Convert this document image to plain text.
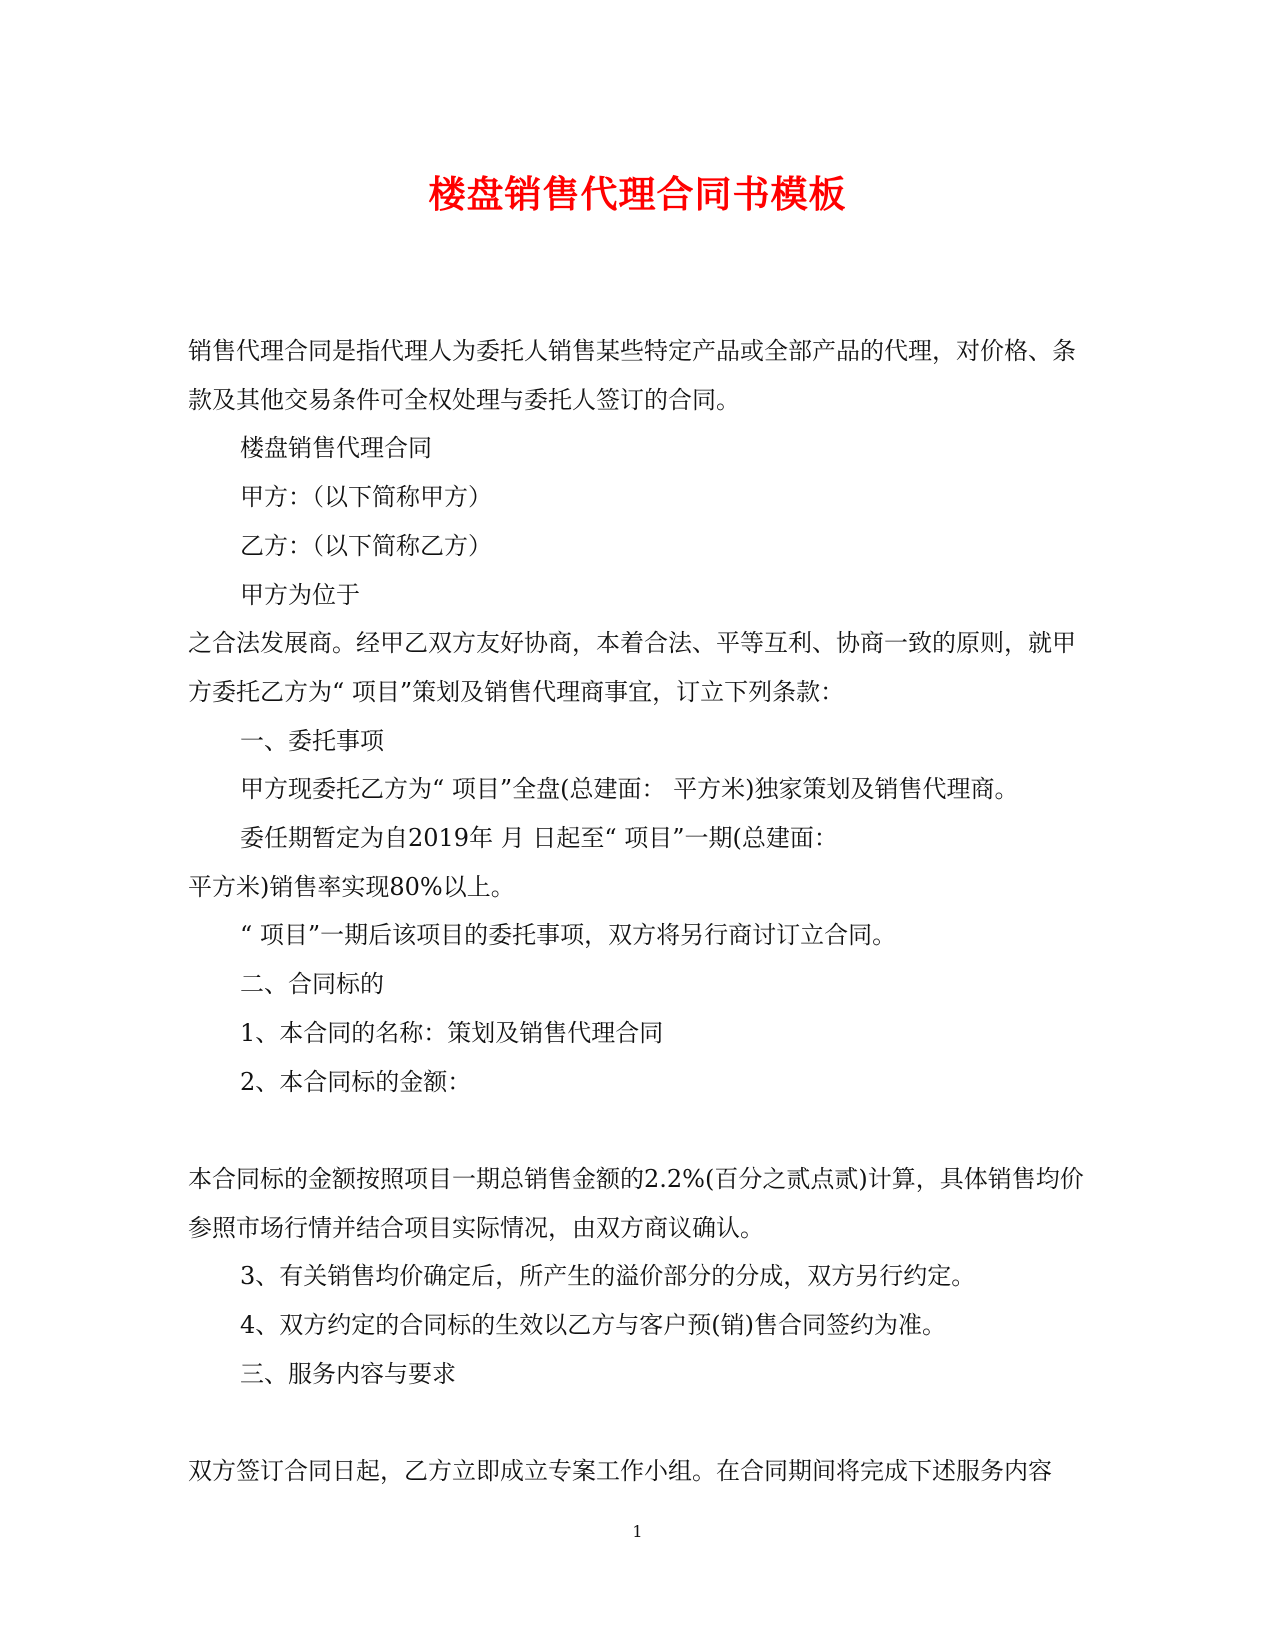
楼盘销售代理合同书模板

销售代理合同是指代理人为委托人销售某些特定产品或全部产品的代理，对价格、条款及其他交易条件可全权处理与委托人签订的合同。

楼盘销售代理合同

甲方：（以下简称甲方）

乙方：（以下简称乙方）

甲方为位于

之合法发展商。经甲乙双方友好协商，本着合法、平等互利、协商一致的原则，就甲方委托乙方为“ 项目”策划及销售代理商事宜，订立下列条款：

一、委托事项

甲方现委托乙方为“ 项目”全盘(总建面： 平方米)独家策划及销售代理商。

委任期暂定为自2019年 月 日起至“ 项目”一期(总建面：

平方米)销售率实现80%以上。

“ 项目”一期后该项目的委托事项，双方将另行商讨订立合同。

二、合同标的

1、本合同的名称：策划及销售代理合同

2、本合同标的金额：

本合同标的金额按照项目一期总销售金额的2.2%(百分之贰点贰)计算，具体销售均价参照市场行情并结合项目实际情况，由双方商议确认。

3、有关销售均价确定后，所产生的溢价部分的分成，双方另行约定。

4、双方约定的合同标的生效以乙方与客户预(销)售合同签约为准。

三、服务内容与要求

双方签订合同日起，乙方立即成立专案工作小组。在合同期间将完成下述服务内容

1
